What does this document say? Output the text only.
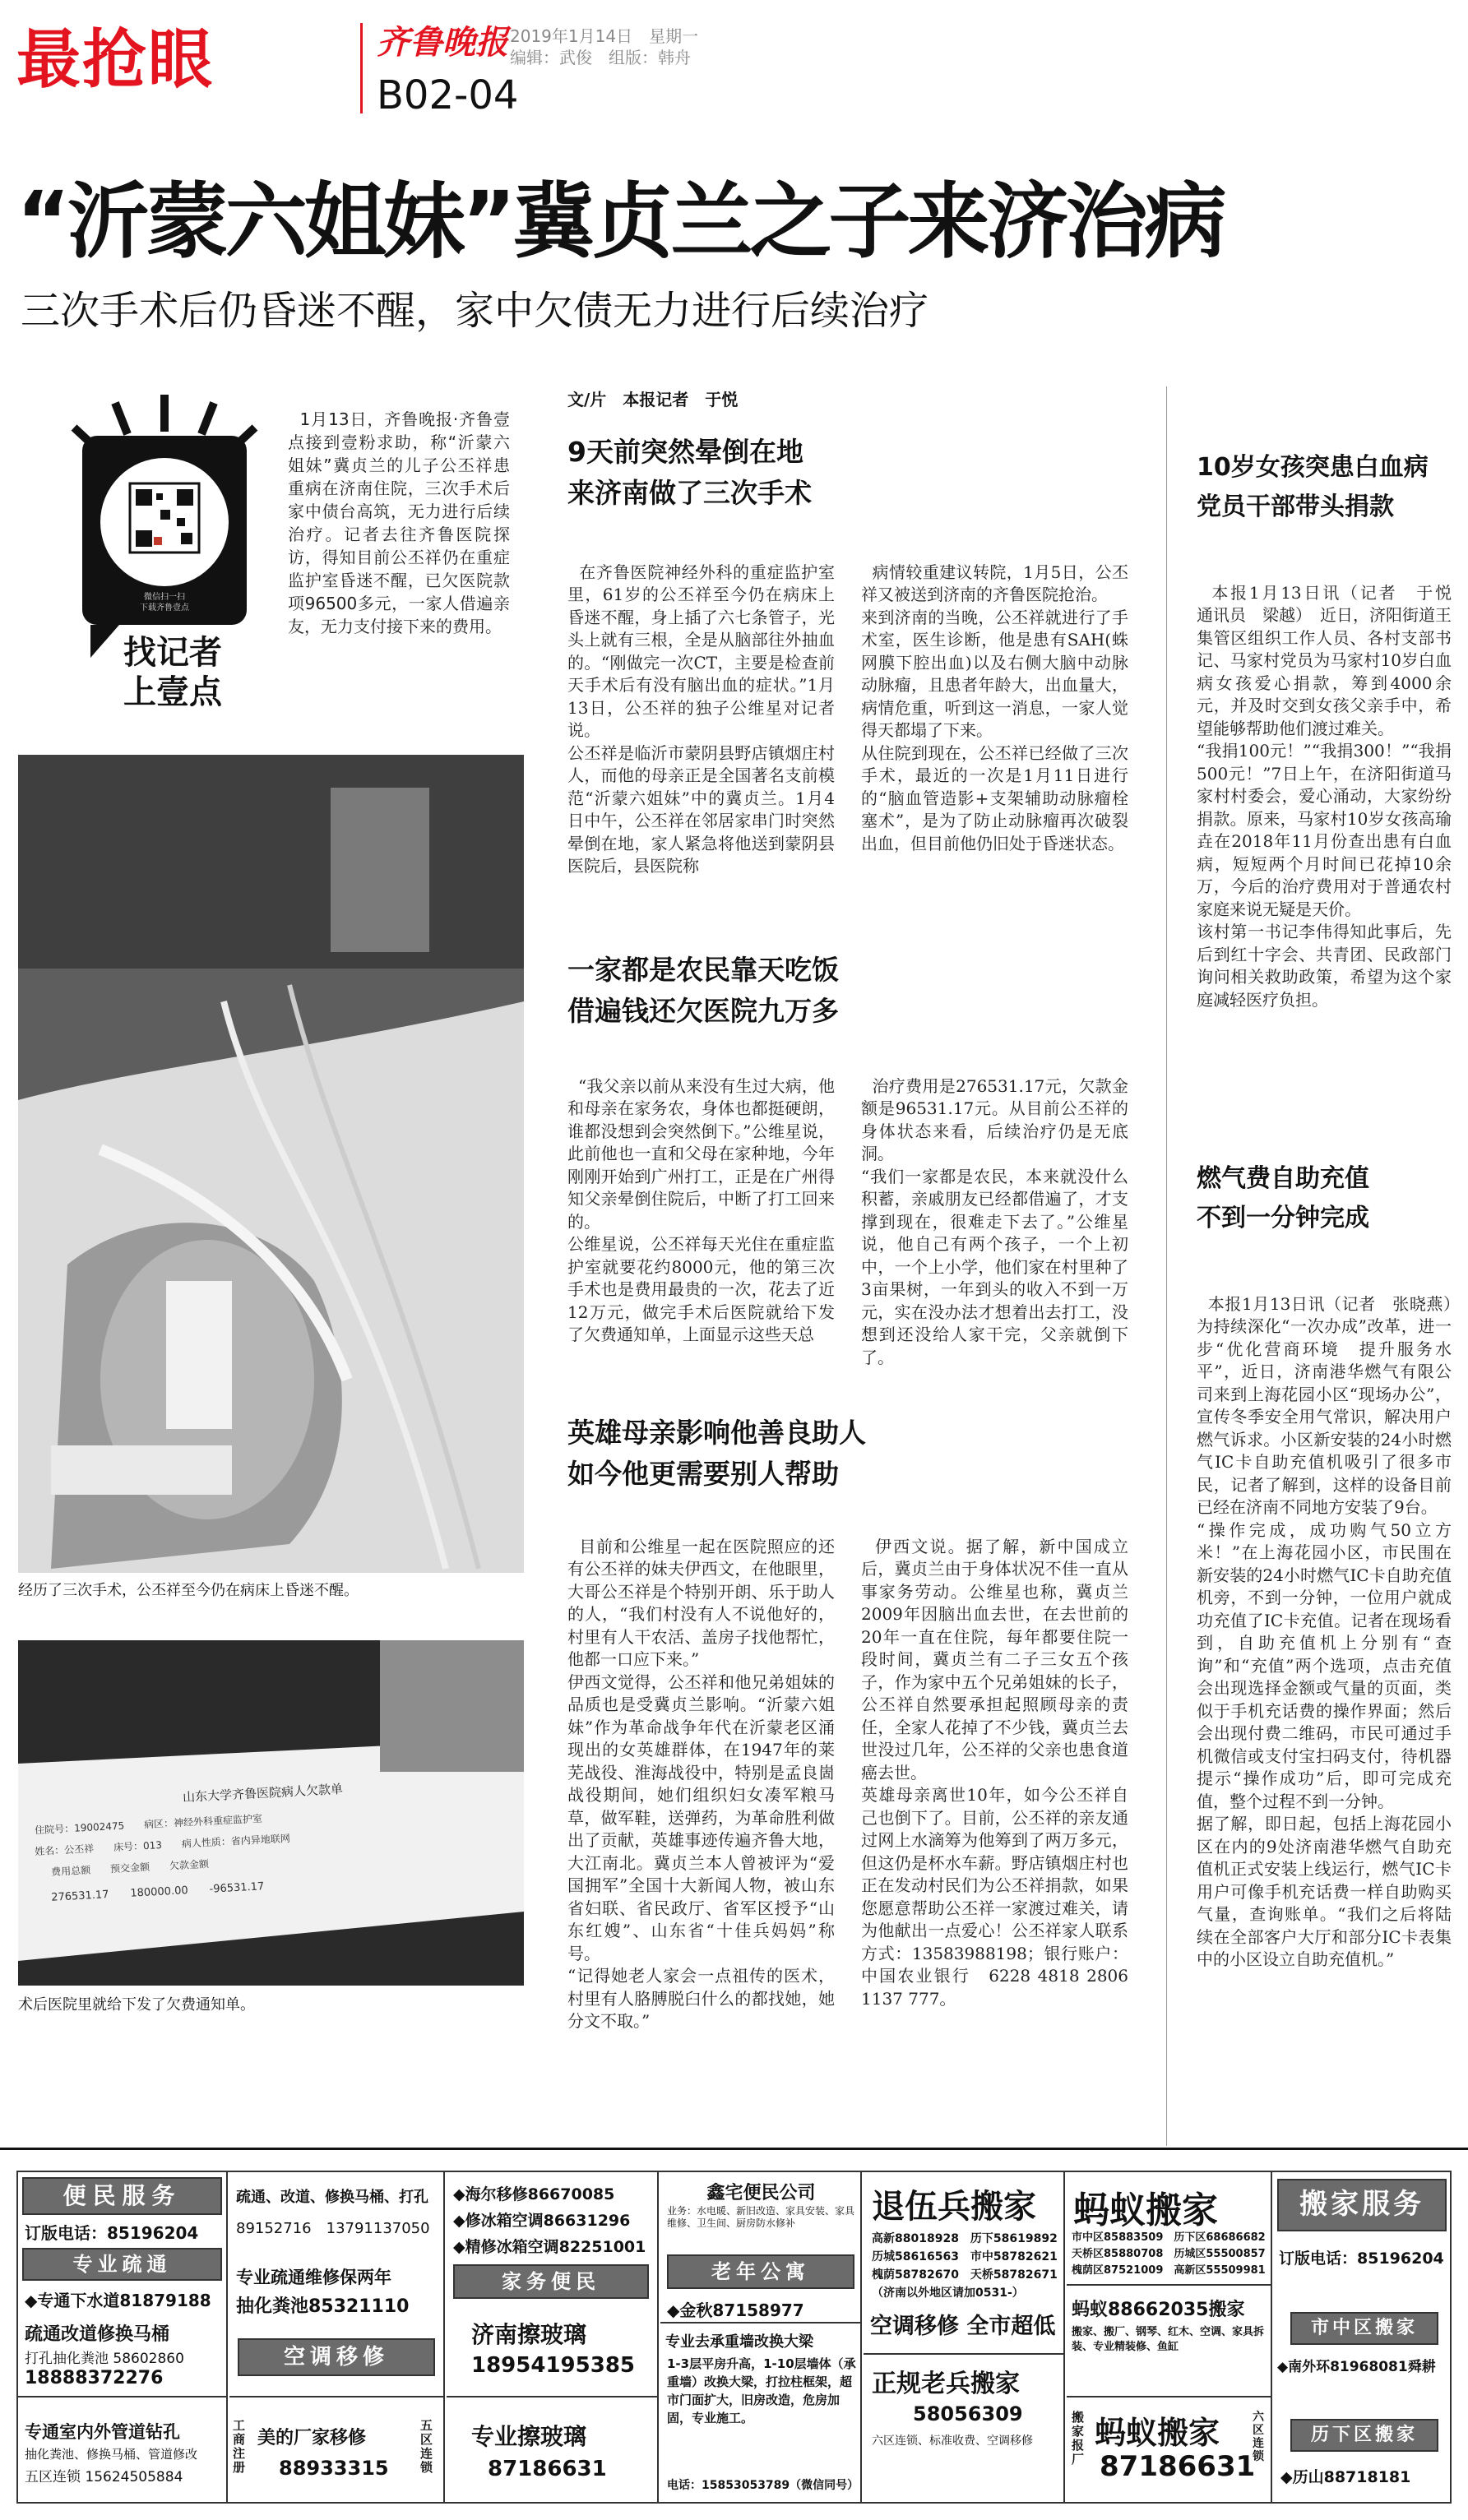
最抢眼	齐鲁晚报
B02-04
2019年1月14日　星期一
编辑：武俊　组版：韩舟
“沂蒙六姐妹”冀贞兰之子来济治病
三次手术后仍昏迷不醒，家中欠债无力进行后续治疗
微信扫一扫
下载齐鲁壹点
找记者
上壹点

1月13日，齐鲁晚报·齐鲁壹点接到壹粉求助，称“沂蒙六姐妹”冀贞兰的儿子公丕祥患重病在济南住院，三次手术后家中债台高筑，无力进行后续治疗。记者去往齐鲁医院探访，得知目前公丕祥仍在重症监护室昏迷不醒，已欠医院款项96500多元，一家人借遍亲友，无力支付接下来的费用。

经历了三次手术，公丕祥至今仍在病床上昏迷不醒。
山东大学齐鲁医院病人欠款单
住院号：19002475　　病区：神经外科重症监护室
姓名：公丕祥　　床号：013　　病人性质：省内异地联网
费用总额　　预交金额　　欠款金额
276531.17　　180000.00　　-96531.17
术后医院里就给下发了欠费通知单。
文/片　本报记者　于悦
9天前突然晕倒在地
来济南做了三次手术

在齐鲁医院神经外科的重症监护室里，61岁的公丕祥至今仍在病床上昏迷不醒，身上插了六七条管子，光头上就有三根，全是从脑部往外抽血的。“刚做完一次CT，主要是检查前天手术后有没有脑出血的症状。”1月13日，公丕祥的独子公维星对记者说。
公丕祥是临沂市蒙阴县野店镇烟庄村人，而他的母亲正是全国著名支前模范“沂蒙六姐妹”中的冀贞兰。1月4日中午，公丕祥在邻居家串门时突然晕倒在地，家人紧急将他送到蒙阴县医院后，县医院称

病情较重建议转院，1月5日，公丕祥又被送到济南的齐鲁医院抢治。
来到济南的当晚，公丕祥就进行了手术室，医生诊断，他是患有SAH(蛛网膜下腔出血)以及右侧大脑中动脉动脉瘤，且患者年龄大，出血量大，病情危重，听到这一消息，一家人觉得天都塌了下来。
从住院到现在，公丕祥已经做了三次手术，最近的一次是1月11日进行的“脑血管造影+支架辅助动脉瘤栓塞术”，是为了防止动脉瘤再次破裂出血，但目前他仍旧处于昏迷状态。

一家都是农民靠天吃饭
借遍钱还欠医院九万多

“我父亲以前从来没有生过大病，他和母亲在家务农，身体也都挺硬朗，谁都没想到会突然倒下。”公维星说，此前他也一直和父母在家种地，今年刚刚开始到广州打工，正是在广州得知父亲晕倒住院后，中断了打工回来的。
公维星说，公丕祥每天光住在重症监护室就要花约8000元，他的第三次手术也是费用最贵的一次，花去了近12万元，做完手术后医院就给下发了欠费通知单，上面显示这些天总

治疗费用是276531.17元，欠款金额是96531.17元。从目前公丕祥的身体状态来看，后续治疗仍是无底洞。
“我们一家都是农民，本来就没什么积蓄，亲戚朋友已经都借遍了，才支撑到现在，很难走下去了。”公维星说，他自己有两个孩子，一个上初中，一个上小学，他们家在村里种了3亩果树，一年到头的收入不到一万元，实在没办法才想着出去打工，没想到还没给人家干完，父亲就倒下了。

英雄母亲影响他善良助人
如今他更需要别人帮助

目前和公维星一起在医院照应的还有公丕祥的妹夫伊西文，在他眼里，大哥公丕祥是个特别开朗、乐于助人的人，“我们村没有人不说他好的，村里有人干农活、盖房子找他帮忙，他都一口应下来。”
伊西文觉得，公丕祥和他兄弟姐妹的品质也是受冀贞兰影响。“沂蒙六姐妹”作为革命战争年代在沂蒙老区涌现出的女英雄群体，在1947年的莱芜战役、淮海战役中，特别是孟良崮战役期间，她们组织妇女凑军粮马草，做军鞋，送弹药，为革命胜利做出了贡献，英雄事迹传遍齐鲁大地，大江南北。冀贞兰本人曾被评为“爱国拥军”全国十大新闻人物，被山东省妇联、省民政厅、省军区授予“山东红嫂”、山东省“十佳兵妈妈”称号。
“记得她老人家会一点祖传的医术，村里有人胳膊脱臼什么的都找她，她分文不取。”

伊西文说。据了解，新中国成立后，冀贞兰由于身体状况不佳一直从事家务劳动。公维星也称，冀贞兰2009年因脑出血去世，在去世前的20年一直在住院，每年都要住院一段时间，冀贞兰有二子三女五个孩子，作为家中五个兄弟姐妹的长子，公丕祥自然要承担起照顾母亲的责任，全家人花掉了不少钱，冀贞兰去世没过几年，公丕祥的父亲也患食道癌去世。
英雄母亲离世10年，如今公丕祥自己也倒下了。目前，公丕祥的亲友通过网上水滴筹为他筹到了两万多元，但这仍是杯水车薪。野店镇烟庄村也正在发动村民们为公丕祥捐款，如果您愿意帮助公丕祥一家渡过难关，请为他献出一点爱心！公丕祥家人联系方式：13583988198；银行账户：中国农业银行　6228 4818 2806 1137 777。

10岁女孩突患白血病
党员干部带头捐款

本报1月13日讯（记者　于悦　通讯员　梁越）　近日，济阳街道王集管区组织工作人员、各村支部书记、马家村党员为马家村10岁白血病女孩爱心捐款，筹到4000余元，并及时交到女孩父亲手中，希望能够帮助他们渡过难关。
“我捐100元！”“我捐300！”“我捐500元！”7日上午，在济阳街道马家村村委会，爱心涌动，大家纷纷捐款。原来，马家村10岁女孩高瑜垚在2018年11月份查出患有白血病，短短两个月时间已花掉10余万，今后的治疗费用对于普通农村家庭来说无疑是天价。
该村第一书记李伟得知此事后，先后到红十字会、共青团、民政部门询问相关救助政策，希望为这个家庭减轻医疗负担。

燃气费自助充值
不到一分钟完成

本报1月13日讯（记者　张晓燕）　为持续深化“一次办成”改革，进一步“优化营商环境　提升服务水平”，近日，济南港华燃气有限公司来到上海花园小区“现场办公”，宣传冬季安全用气常识，解决用户燃气诉求。小区新安装的24小时燃气IC卡自助充值机吸引了很多市民，记者了解到，这样的设备目前已经在济南不同地方安装了9台。
“操作完成，成功购气50立方米！”在上海花园小区，市民围在新安装的24小时燃气IC卡自助充值机旁，不到一分钟，一位用户就成功充值了IC卡充值。记者在现场看到，自助充值机上分别有“查询”和“充值”两个选项，点击充值会出现选择金额或气量的页面，类似于手机充话费的操作界面；然后会出现付费二维码，市民可通过手机微信或支付宝扫码支付，待机器提示“操作成功”后，即可完成充值，整个过程不到一分钟。
据了解，即日起，包括上海花园小区在内的9处济南港华燃气自助充值机正式安装上线运行，燃气IC卡用户可像手机充话费一样自助购买气量，查询账单。“我们之后将陆续在全部客户大厅和部分IC卡表集中的小区设立自助充值机。”

便民服务
订版电话：85196204
专业疏通
◆专通下水道81879188
疏通改道修换马桶
打孔抽化粪池 58602860
18888372276
专通室内外管道钻孔
抽化粪池、修换马桶、管道修改
五区连锁 15624505884
疏通、改道、修换马桶、打孔
89152716　13791137050
专业疏通维修保两年
抽化粪池85321110
空调移修
工商注册
美的厂家移修
88933315
五区连锁
◆海尔移修86670085
◆修冰箱空调86631296
◆精修冰箱空调82251001
家务便民
济南擦玻璃
18954195385
专业擦玻璃
87186631
鑫宅便民公司
业务：水电暖、新旧改造、家具安装、家具维修、卫生间、厨房防水修补
老年公寓
◆金秋87158977
专业去承重墙改换大梁
1-3层平房升高，1-10层墙体（承重墙）改换大梁，打拉柱框架，超市门面扩大，旧房改造，危房加固，专业施工。
电话：15853053789（微信同号）
退伍兵搬家
高新88018928　历下58619892
历城58616563　市中58782621
槐荫58782670　天桥58782671
（济南以外地区请加0531-）
空调移修 全市超低
正规老兵搬家
58056309
六区连锁、标准收费、空调移修
蚂蚁搬家
市中区85883509　历下区68686682
天桥区85880708　历城区55500857
槐荫区87521009　高新区55509981
蚂蚁88662035搬家
搬家、搬厂、钢琴、红木、空调、家具拆装、专业精装修、鱼缸
搬家报厂
蚂蚁搬家
87186631
六区连锁
搬家服务
订版电话：85196204
市中区搬家
◆南外环81968081舜耕
历下区搬家
◆历山88718181
